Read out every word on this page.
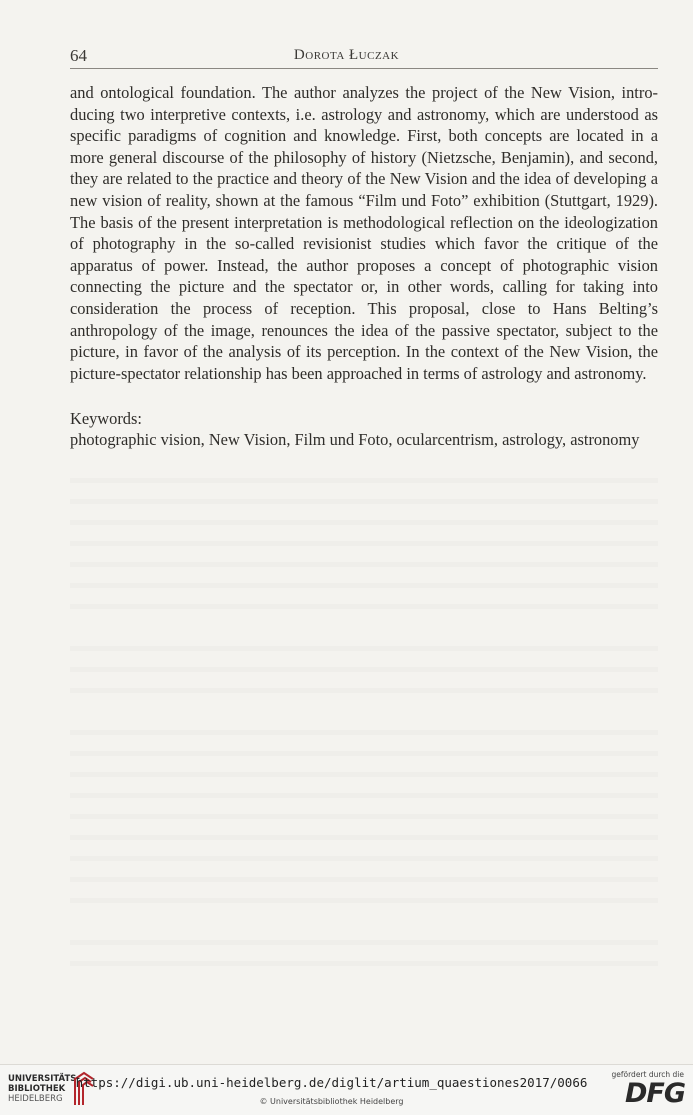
64	Dorota Łuczak

and ontological foundation. The author analyzes the project of the New Vision, introducing two interpretive contexts, i.e. astrology and astronomy, which are understood as specific paradigms of cognition and knowledge. First, both concepts are located in a more general discourse of the philosophy of history (Nietzsche, Benjamin), and second, they are related to the practice and theory of the New Vision and the idea of developing a new vision of reality, shown at the famous “Film und Foto” exhibition (Stuttgart, 1929). The basis of the present interpretation is methodological reflection on the ideologization of photography in the so-called revisionist studies which favor the critique of the apparatus of power. Instead, the author proposes a concept of photographic vision connecting the picture and the spectator or, in other words, calling for taking into consideration the process of reception. This proposal, close to Hans Belting’s anthropology of the image, renounces the idea of the passive spectator, subject to the picture, in favor of the analysis of its perception. In the context of the New Vision, the picture-spectator relationship has been approached in terms of astrology and astronomy.

Keywords:
photographic vision, New Vision, Film und Foto, ocularcentrism, astrology, astronomy
UNIVERSITÄTS-
BIBLIOTHEK
HEIDELBERG
https://digi.ub.uni-heidelberg.de/diglit/artium_quaestiones2017/0066
© Universitätsbibliothek Heidelberg
gefördert durch die
DFG
